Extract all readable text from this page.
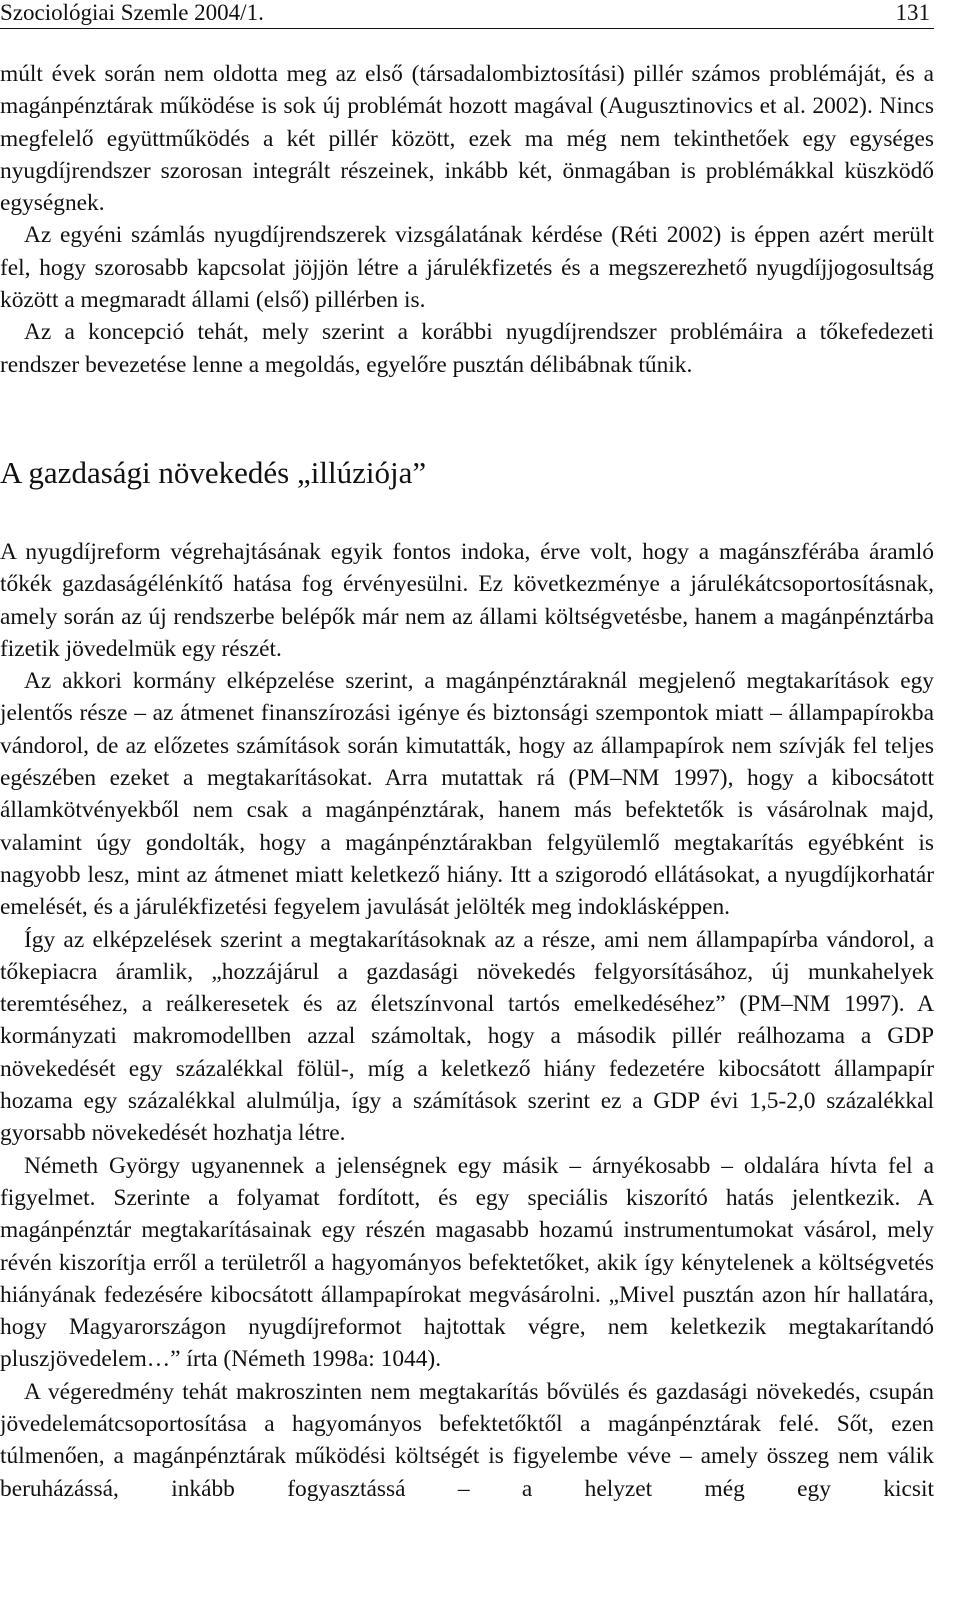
Szociológiai Szemle 2004/1.	131

múlt évek során nem oldotta meg az első (társadalombiztosítási) pillér számos problémáját, és a magánpénztárak működése is sok új problémát hozott magával (Augusztinovics et al. 2002). Nincs megfelelő együttműködés a két pillér között, ezek ma még nem tekinthetőek egy egységes nyugdíjrendszer szorosan integrált részeinek, inkább két, önmagában is problémákkal küszködő egységnek.

Az egyéni számlás nyugdíjrendszerek vizsgálatának kérdése (Réti 2002) is éppen azért merült fel, hogy szorosabb kapcsolat jöjjön létre a járulékfizetés és a megszerezhető nyugdíjjogosultság között a megmaradt állami (első) pillérben is.

Az a koncepció tehát, mely szerint a korábbi nyugdíjrendszer problémáira a tőkefedezeti rendszer bevezetése lenne a megoldás, egyelőre pusztán délibábnak tűnik.

A gazdasági növekedés „illúziója”

A nyugdíjreform végrehajtásának egyik fontos indoka, érve volt, hogy a magánszférába áramló tőkék gazdaságélénkítő hatása fog érvényesülni. Ez következménye a járulékátcsoportosításnak, amely során az új rendszerbe belépők már nem az állami költségvetésbe, hanem a magánpénztárba fizetik jövedelmük egy részét.

Az akkori kormány elképzelése szerint, a magánpénztáraknál megjelenő megtakarítások egy jelentős része – az átmenet finanszírozási igénye és biztonsági szempontok miatt – állampapírokba vándorol, de az előzetes számítások során kimutatták, hogy az állampapírok nem szívják fel teljes egészében ezeket a megtakarításokat. Arra mutattak rá (PM–NM 1997), hogy a kibocsátott államkötvényekből nem csak a magánpénztárak, hanem más befektetők is vásárolnak majd, valamint úgy gondolták, hogy a magánpénztárakban felgyülemlő megtakarítás egyébként is nagyobb lesz, mint az átmenet miatt keletkező hiány. Itt a szigorodó ellátásokat, a nyugdíjkorhatár emelését, és a járulékfizetési fegyelem javulását jelölték meg indoklásképpen.

Így az elképzelések szerint a megtakarításoknak az a része, ami nem állampapírba vándorol, a tőkepiacra áramlik, „hozzájárul a gazdasági növekedés felgyorsításához, új munkahelyek teremtéséhez, a reálkeresetek és az életszínvonal tartós emelkedéséhez” (PM–NM 1997). A kormányzati makromodellben azzal számoltak, hogy a második pillér reálhozama a GDP növekedését egy százalékkal fölül-, míg a keletkező hiány fedezetére kibocsátott állampapír hozama egy százalékkal alulmúlja, így a számítások szerint ez a GDP évi 1,5-2,0 százalékkal gyorsabb növekedését hozhatja létre.

Németh György ugyanennek a jelenségnek egy másik – árnyékosabb – oldalára hívta fel a figyelmet. Szerinte a folyamat fordított, és egy speciális kiszorító hatás jelentkezik. A magánpénztár megtakarításainak egy részén magasabb hozamú instrumentumokat vásárol, mely révén kiszorítja erről a területről a hagyományos befektetőket, akik így kénytelenek a költségvetés hiányának fedezésére kibocsátott állampapírokat megvásárolni. „Mivel pusztán azon hír hallatára, hogy Magyarországon nyugdíjreformot hajtottak végre, nem keletkezik megtakarítandó pluszjövedelem…” írta (Németh 1998a: 1044).

A végeredmény tehát makroszinten nem megtakarítás bővülés és gazdasági növekedés, csupán jövedelemátcsoportosítása a hagyományos befektetőktől a magánpénztárak felé. Sőt, ezen túlmenően, a magánpénztárak működési költségét is figyelembe véve – amely összeg nem válik beruházássá, inkább fogyasztássá – a helyzet még egy kicsit
